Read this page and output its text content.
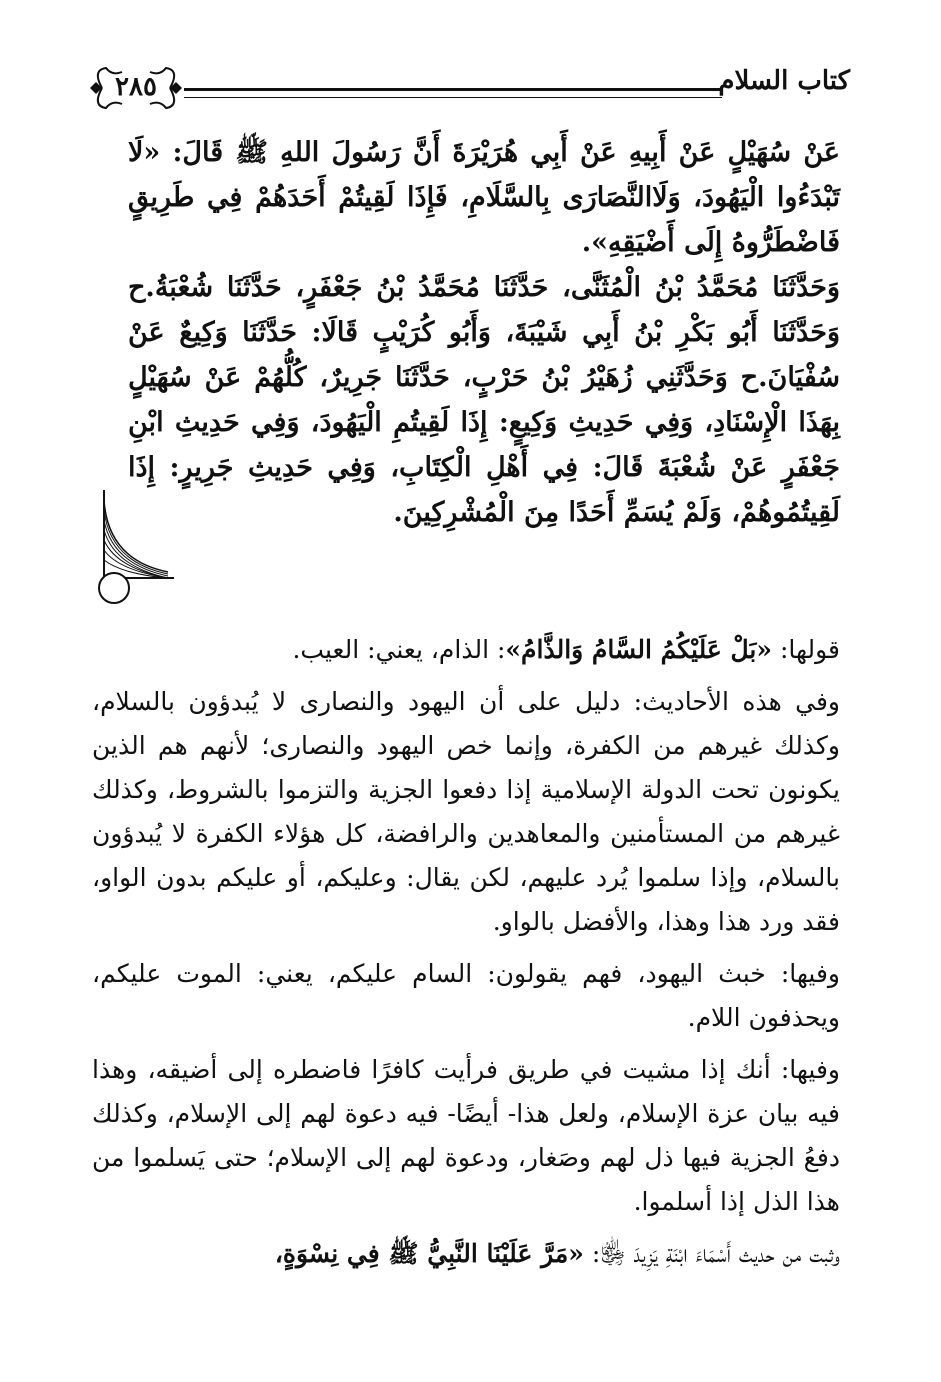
كتاب السلام
٢٨٥

عَنْ سُهَيْلٍ عَنْ أَبِيهِ عَنْ أَبِي هُرَيْرَةَ أَنَّ رَسُولَ اللهِ ﷺ قَالَ: «لَا تَبْدَءُوا الْيَهُودَ، وَلَاالنَّصَارَى بِالسَّلَامِ، فَإِذَا لَقِيتُمْ أَحَدَهُمْ فِي طَرِيقٍ فَاضْطَرُّوهُ إِلَى أَضْيَقِهِ».

وَحَدَّثَنَا مُحَمَّدُ بْنُ الْمُثَنَّى، حَدَّثَنَا مُحَمَّدُ بْنُ جَعْفَرٍ، حَدَّثَنَا شُعْبَةُ.ح وَحَدَّثَنَا أَبُو بَكْرِ بْنُ أَبِي شَيْبَةَ، وَأَبُو كُرَيْبٍ قَالَا: حَدَّثَنَا وَكِيعٌ عَنْ سُفْيَانَ.ح وَحَدَّثَنِي زُهَيْرُ بْنُ حَرْبٍ، حَدَّثَنَا جَرِيرٌ، كُلُّهُمْ عَنْ سُهَيْلٍ بِهَذَا الْإِسْنَادِ، وَفِي حَدِيثِ وَكِيعٍ: إِذَا لَقِيتُمِ الْيَهُودَ، وَفِي حَدِيثِ ابْنِ جَعْفَرٍ عَنْ شُعْبَةَ قَالَ: فِي أَهْلِ الْكِتَابِ، وَفِي حَدِيثِ جَرِيرٍ: إِذَا لَقِيتُمُوهُمْ، وَلَمْ يُسَمِّ أَحَدًا مِنَ الْمُشْرِكِينَ.

قولها: «بَلْ عَلَيْكُمُ السَّامُ وَالذَّامُ»: الذام، يعني: العيب.

وفي هذه الأحاديث: دليل على أن اليهود والنصارى لا يُبدؤون بالسلام، وكذلك غيرهم من الكفرة، وإنما خص اليهود والنصارى؛ لأنهم هم الذين يكونون تحت الدولة الإسلامية إذا دفعوا الجزية والتزموا بالشروط، وكذلك غيرهم من المستأمنين والمعاهدين والرافضة، كل هؤلاء الكفرة لا يُبدؤون بالسلام، وإذا سلموا يُرد عليهم، لكن يقال: وعليكم، أو عليكم بدون الواو، فقد ورد هذا وهذا، والأفضل بالواو.

وفيها: خبث اليهود، فهم يقولون: السام عليكم، يعني: الموت عليكم، ويحذفون اللام.

وفيها: أنك إذا مشيت في طريق فرأيت كافرًا فاضطره إلى أضيقه، وهذا فيه بيان عزة الإسلام، ولعل هذا- أيضًا- فيه دعوة لهم إلى الإسلام، وكذلك دفعُ الجزية فيها ذل لهم وصَغار، ودعوة لهم إلى الإسلام؛ حتى يَسلموا من هذا الذل إذا أسلموا.

وثبت من حديث أَسْمَاءَ ابْنَةِ يَزِيدَ ﵂: «مَرَّ عَلَيْنَا النَّبِيُّ ﷺ فِي نِسْوَةٍ،
